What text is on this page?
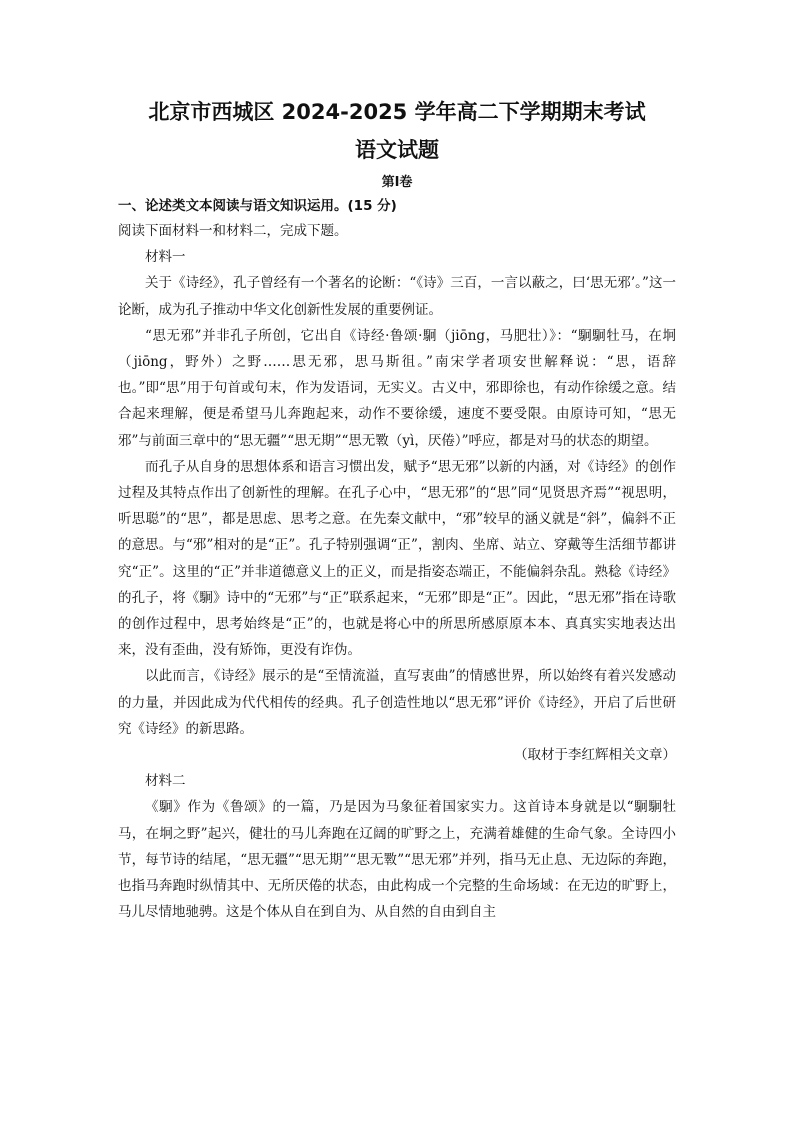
北京市西城区 2024-2025 学年高二下学期期末考试
语文试题
第Ⅰ卷

一、论述类文本阅读与语文知识运用。(15 分)

阅读下面材料一和材料二，完成下题。

材料一

关于《诗经》，孔子曾经有一个著名的论断：“《诗》三百，一言以蔽之，曰‘思无邪’。”这一论断，成为孔子推动中华文化创新性发展的重要例证。

“思无邪”并非孔子所创，它出自《诗经·鲁颂·駉（jiōng，马肥壮）》：“駉駉牡马，在坰（jiōng，野外）之野……思无邪，思马斯徂。”南宋学者项安世解释说：“思，语辞也。”即“思”用于句首或句末，作为发语词，无实义。古义中，邪即徐也，有动作徐缓之意。结合起来理解，便是希望马儿奔跑起来，动作不要徐缓，速度不要受限。由原诗可知，“思无邪”与前面三章中的“思无疆”“思无期”“思无斁（yì，厌倦）”呼应，都是对马的状态的期望。

而孔子从自身的思想体系和语言习惯出发，赋予“思无邪”以新的内涵，对《诗经》的创作过程及其特点作出了创新性的理解。在孔子心中，“思无邪”的“思”同“见贤思齐焉”“视思明，听思聪”的“思”，都是思虑、思考之意。在先秦文献中，“邪”较早的涵义就是“斜”，偏斜不正的意思。与“邪”相对的是“正”。孔子特别强调“正”，割肉、坐席、站立、穿戴等生活细节都讲究“正”。这里的“正”并非道德意义上的正义，而是指姿态端正，不能偏斜杂乱。熟稔《诗经》的孔子，将《駉》诗中的“无邪”与“正”联系起来，“无邪”即是“正”。因此，“思无邪”指在诗歌的创作过程中，思考始终是“正”的，也就是将心中的所思所感原原本本、真真实实地表达出来，没有歪曲，没有矫饰，更没有诈伪。

以此而言，《诗经》展示的是“至情流溢，直写衷曲”的情感世界，所以始终有着兴发感动的力量，并因此成为代代相传的经典。孔子创造性地以“思无邪”评价《诗经》，开启了后世研究《诗经》的新思路。

（取材于李红辉相关文章）

材料二

《駉》作为《鲁颂》的一篇，乃是因为马象征着国家实力。这首诗本身就是以“駉駉牡马，在坰之野”起兴，健壮的马儿奔跑在辽阔的旷野之上，充满着雄健的生命气象。全诗四小节，每节诗的结尾，“思无疆”“思无期”“思无斁”“思无邪”并列，指马无止息、无边际的奔跑，也指马奔跑时纵情其中、无所厌倦的状态，由此构成一个完整的生命场域：在无边的旷野上，马儿尽情地驰骋。这是个体从自在到自为、从自然的自由到自主
